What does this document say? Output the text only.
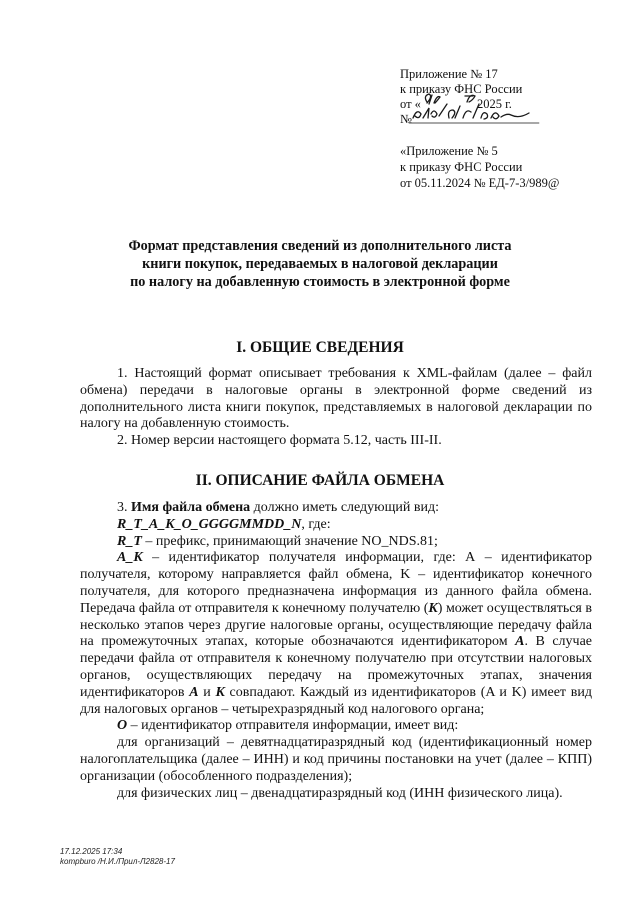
Приложение № 17
к приказу ФНС России
от «	2025 г.
№
«Приложение № 5
к приказу ФНС России
от 05.11.2024 № ЕД-7-3/989@
Формат представления сведений из дополнительного листа
книги покупок, передаваемых в налоговой декларации
по налогу на добавленную стоимость в электронной форме
I. ОБЩИЕ СВЕДЕНИЯ

1. Настоящий формат описывает требования к XML-файлам (далее – файл обмена) передачи в налоговые органы в электронной форме сведений из дополнительного листа книги покупок, представляемых в налоговой декларации по налогу на добавленную стоимость.

2. Номер версии настоящего формата 5.12, часть III-II.

II. ОПИСАНИЕ ФАЙЛА ОБМЕНА

3. Имя файла обмена должно иметь следующий вид:

R_T_A_K_O_GGGGMMDD_N, где:

R_T – префикс, принимающий значение NO_NDS.81;

A_K – идентификатор получателя информации, где: А – идентификатор получателя, которому направляется файл обмена, K – идентификатор конечного получателя, для которого предназначена информация из данного файла обмена. Передача файла от отправителя к конечному получателю (K) может осуществляться в несколько этапов через другие налоговые органы, осуществляющие передачу файла на промежуточных этапах, которые обозначаются идентификатором А. В случае передачи файла от отправителя к конечному получателю при отсутствии налоговых органов, осуществляющих передачу на промежуточных этапах, значения идентификаторов А и K совпадают. Каждый из идентификаторов (A и K) имеет вид для налоговых органов – четырехразрядный код налогового органа;

O – идентификатор отправителя информации, имеет вид:

для организаций – девятнадцатиразрядный код (идентификационный номер налогоплательщика (далее – ИНН) и код причины постановки на учет (далее – КПП) организации (обособленного подразделения);

для физических лиц – двенадцатиразрядный код (ИНН физического лица).

17.12.2025 17:34
kompburo /Н.И./Прил-Л2828-17
